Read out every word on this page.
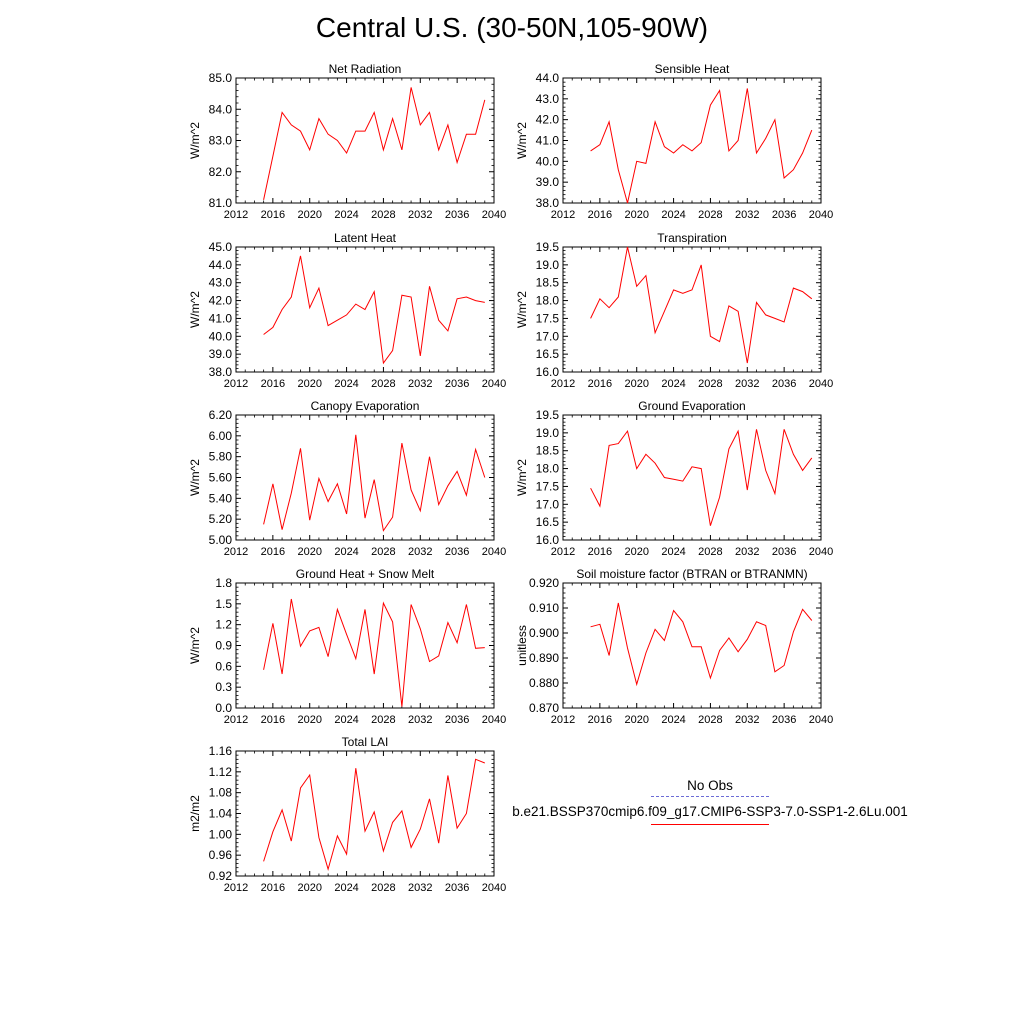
Central U.S. (30-50N,105-90W)
Net Radiation
W/m^2
2012 2016 2020 2024 2028 2032 2036 2040
81.0
82.0
83.0
84.0
85.0
Sensible Heat
W/m^2
2012 2016 2020 2024 2028 2032 2036 2040
38.0
39.0
40.0
41.0
42.0
43.0
44.0
Latent Heat
W/m^2
2012 2016 2020 2024 2028 2032 2036 2040
38.0
39.0
40.0
41.0
42.0
43.0
44.0
45.0
Transpiration
W/m^2
2012 2016 2020 2024 2028 2032 2036 2040
16.0
16.5
17.0
17.5
18.0
18.5
19.0
19.5
Canopy Evaporation
W/m^2
2012 2016 2020 2024 2028 2032 2036 2040
5.00
5.20
5.40
5.60
5.80
6.00
6.20
Ground Evaporation
W/m^2
2012 2016 2020 2024 2028 2032 2036 2040
16.0
16.5
17.0
17.5
18.0
18.5
19.0
19.5
Ground Heat + Snow Melt
W/m^2
2012 2016 2020 2024 2028 2032 2036 2040
0.0
0.3
0.6
0.9
1.2
1.5
1.8
Soil moisture factor (BTRAN or BTRANMN)
unitless
2012 2016 2020 2024 2028 2032 2036 2040
0.870
0.880
0.890
0.900
0.910
0.920
Total LAI
m2/m2
2012 2016 2020 2024 2028 2032 2036 2040
0.92
0.96
1.00
1.04
1.08
1.12
1.16
No Obs
b.e21.BSSP370cmip6.f09_g17.CMIP6-SSP3-7.0-SSP1-2.6Lu.001
